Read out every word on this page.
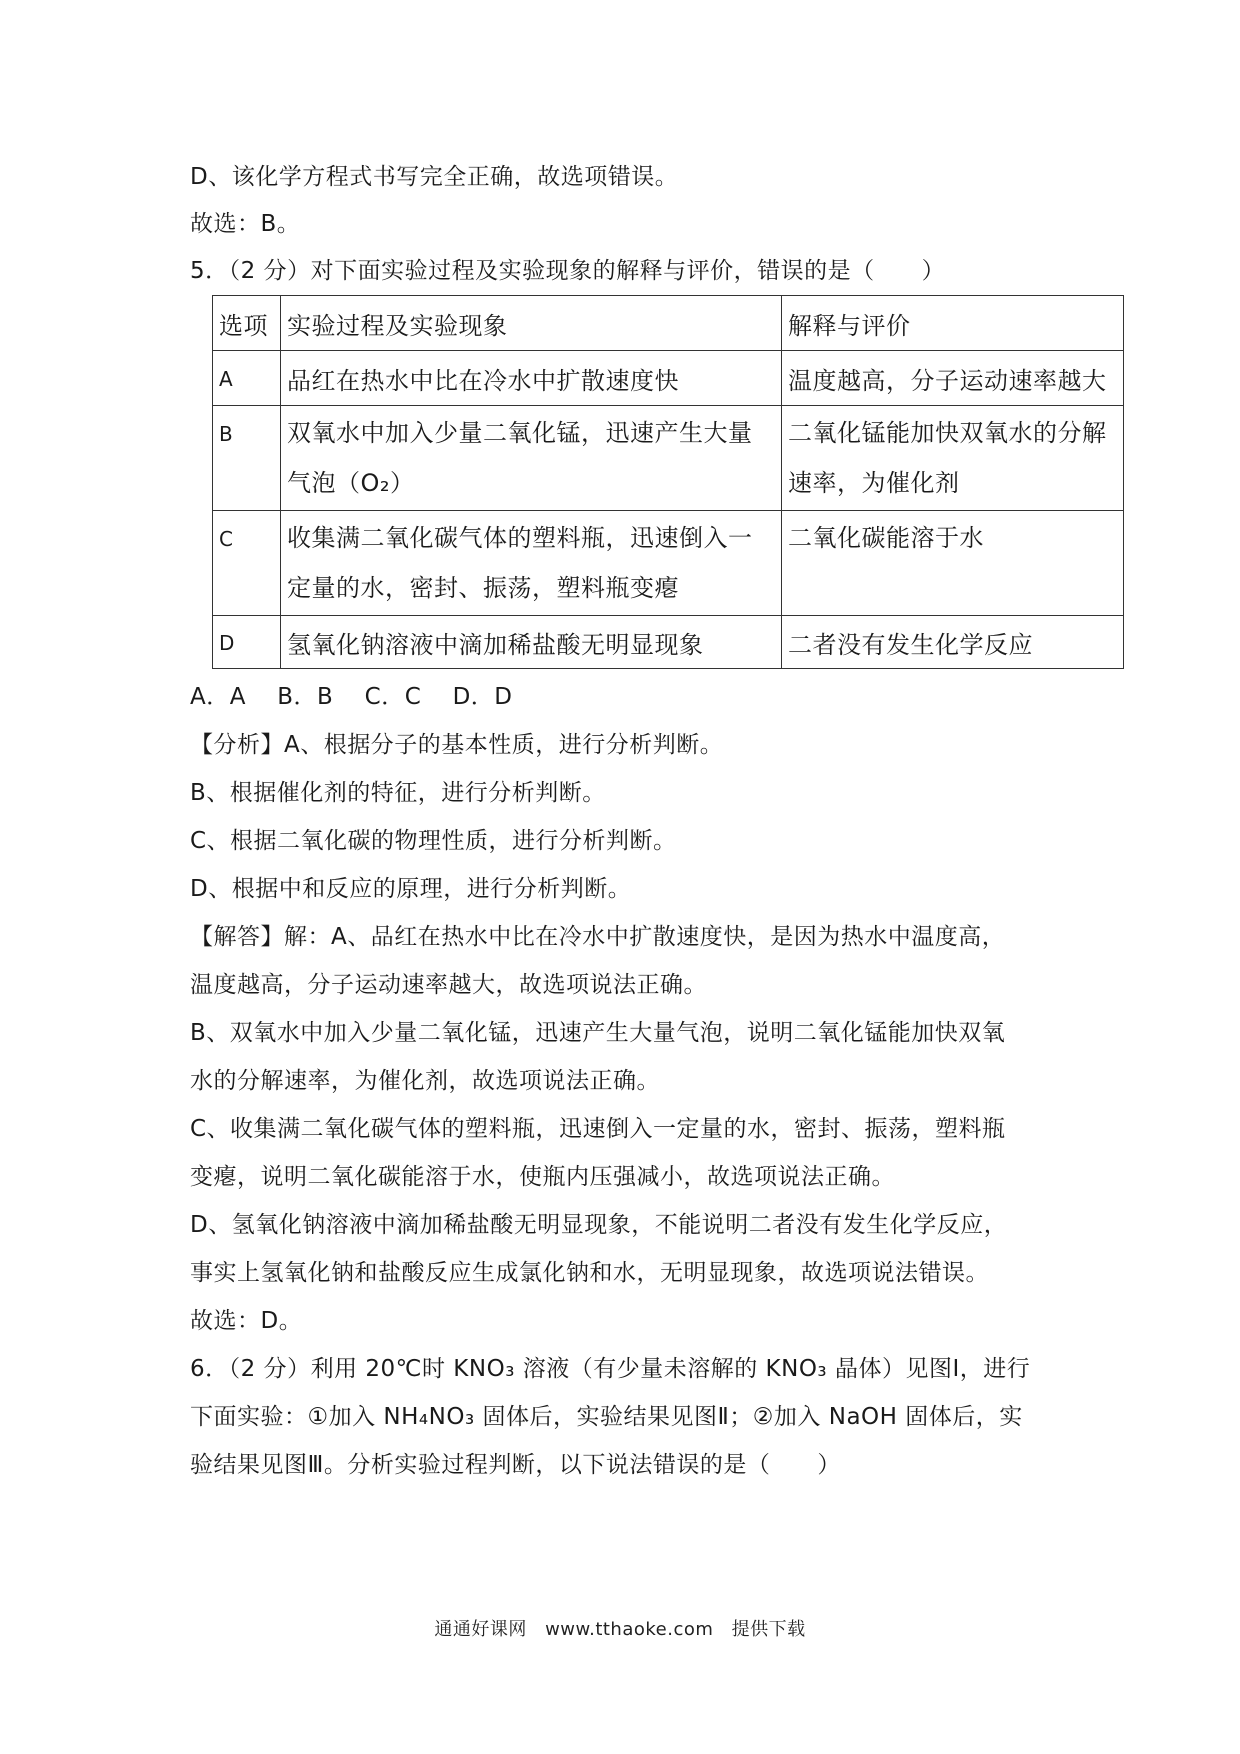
D、该化学方程式书写完全正确，故选项错误。
故选：B。
5．（2 分）对下面实验过程及实验现象的解释与评价，错误的是（　　）
选项	实验过程及实验现象	解释与评价
A	品红在热水中比在冷水中扩散速度快	温度越高，分子运动速率越大
B	双氧水中加入少量二氧化锰，迅速产生大量气泡（O₂）	二氧化锰能加快双氧水的分解速率，为催化剂
C	收集满二氧化碳气体的塑料瓶，迅速倒入一定量的水，密封、振荡，塑料瓶变瘪	二氧化碳能溶于水
D	氢氧化钠溶液中滴加稀盐酸无明显现象	二者没有发生化学反应
A．A　 B．B　 C．C　 D．D
【分析】A、根据分子的基本性质，进行分析判断。
B、根据催化剂的特征，进行分析判断。
C、根据二氧化碳的物理性质，进行分析判断。
D、根据中和反应的原理，进行分析判断。
【解答】解：A、品红在热水中比在冷水中扩散速度快，是因为热水中温度高，
温度越高，分子运动速率越大，故选项说法正确。
B、双氧水中加入少量二氧化锰，迅速产生大量气泡，说明二氧化锰能加快双氧
水的分解速率，为催化剂，故选项说法正确。
C、收集满二氧化碳气体的塑料瓶，迅速倒入一定量的水，密封、振荡，塑料瓶
变瘪，说明二氧化碳能溶于水，使瓶内压强减小，故选项说法正确。
D、氢氧化钠溶液中滴加稀盐酸无明显现象，不能说明二者没有发生化学反应，
事实上氢氧化钠和盐酸反应生成氯化钠和水，无明显现象，故选项说法错误。
故选：D。
6．（2 分）利用 20℃时 KNO₃ 溶液（有少量未溶解的 KNO₃ 晶体）见图Ⅰ，进行
下面实验：①加入 NH₄NO₃ 固体后，实验结果见图Ⅱ；②加入 NaOH 固体后，实
验结果见图Ⅲ。分析实验过程判断，以下说法错误的是（　　）
通通好课网 www.tthaoke.com 提供下载
